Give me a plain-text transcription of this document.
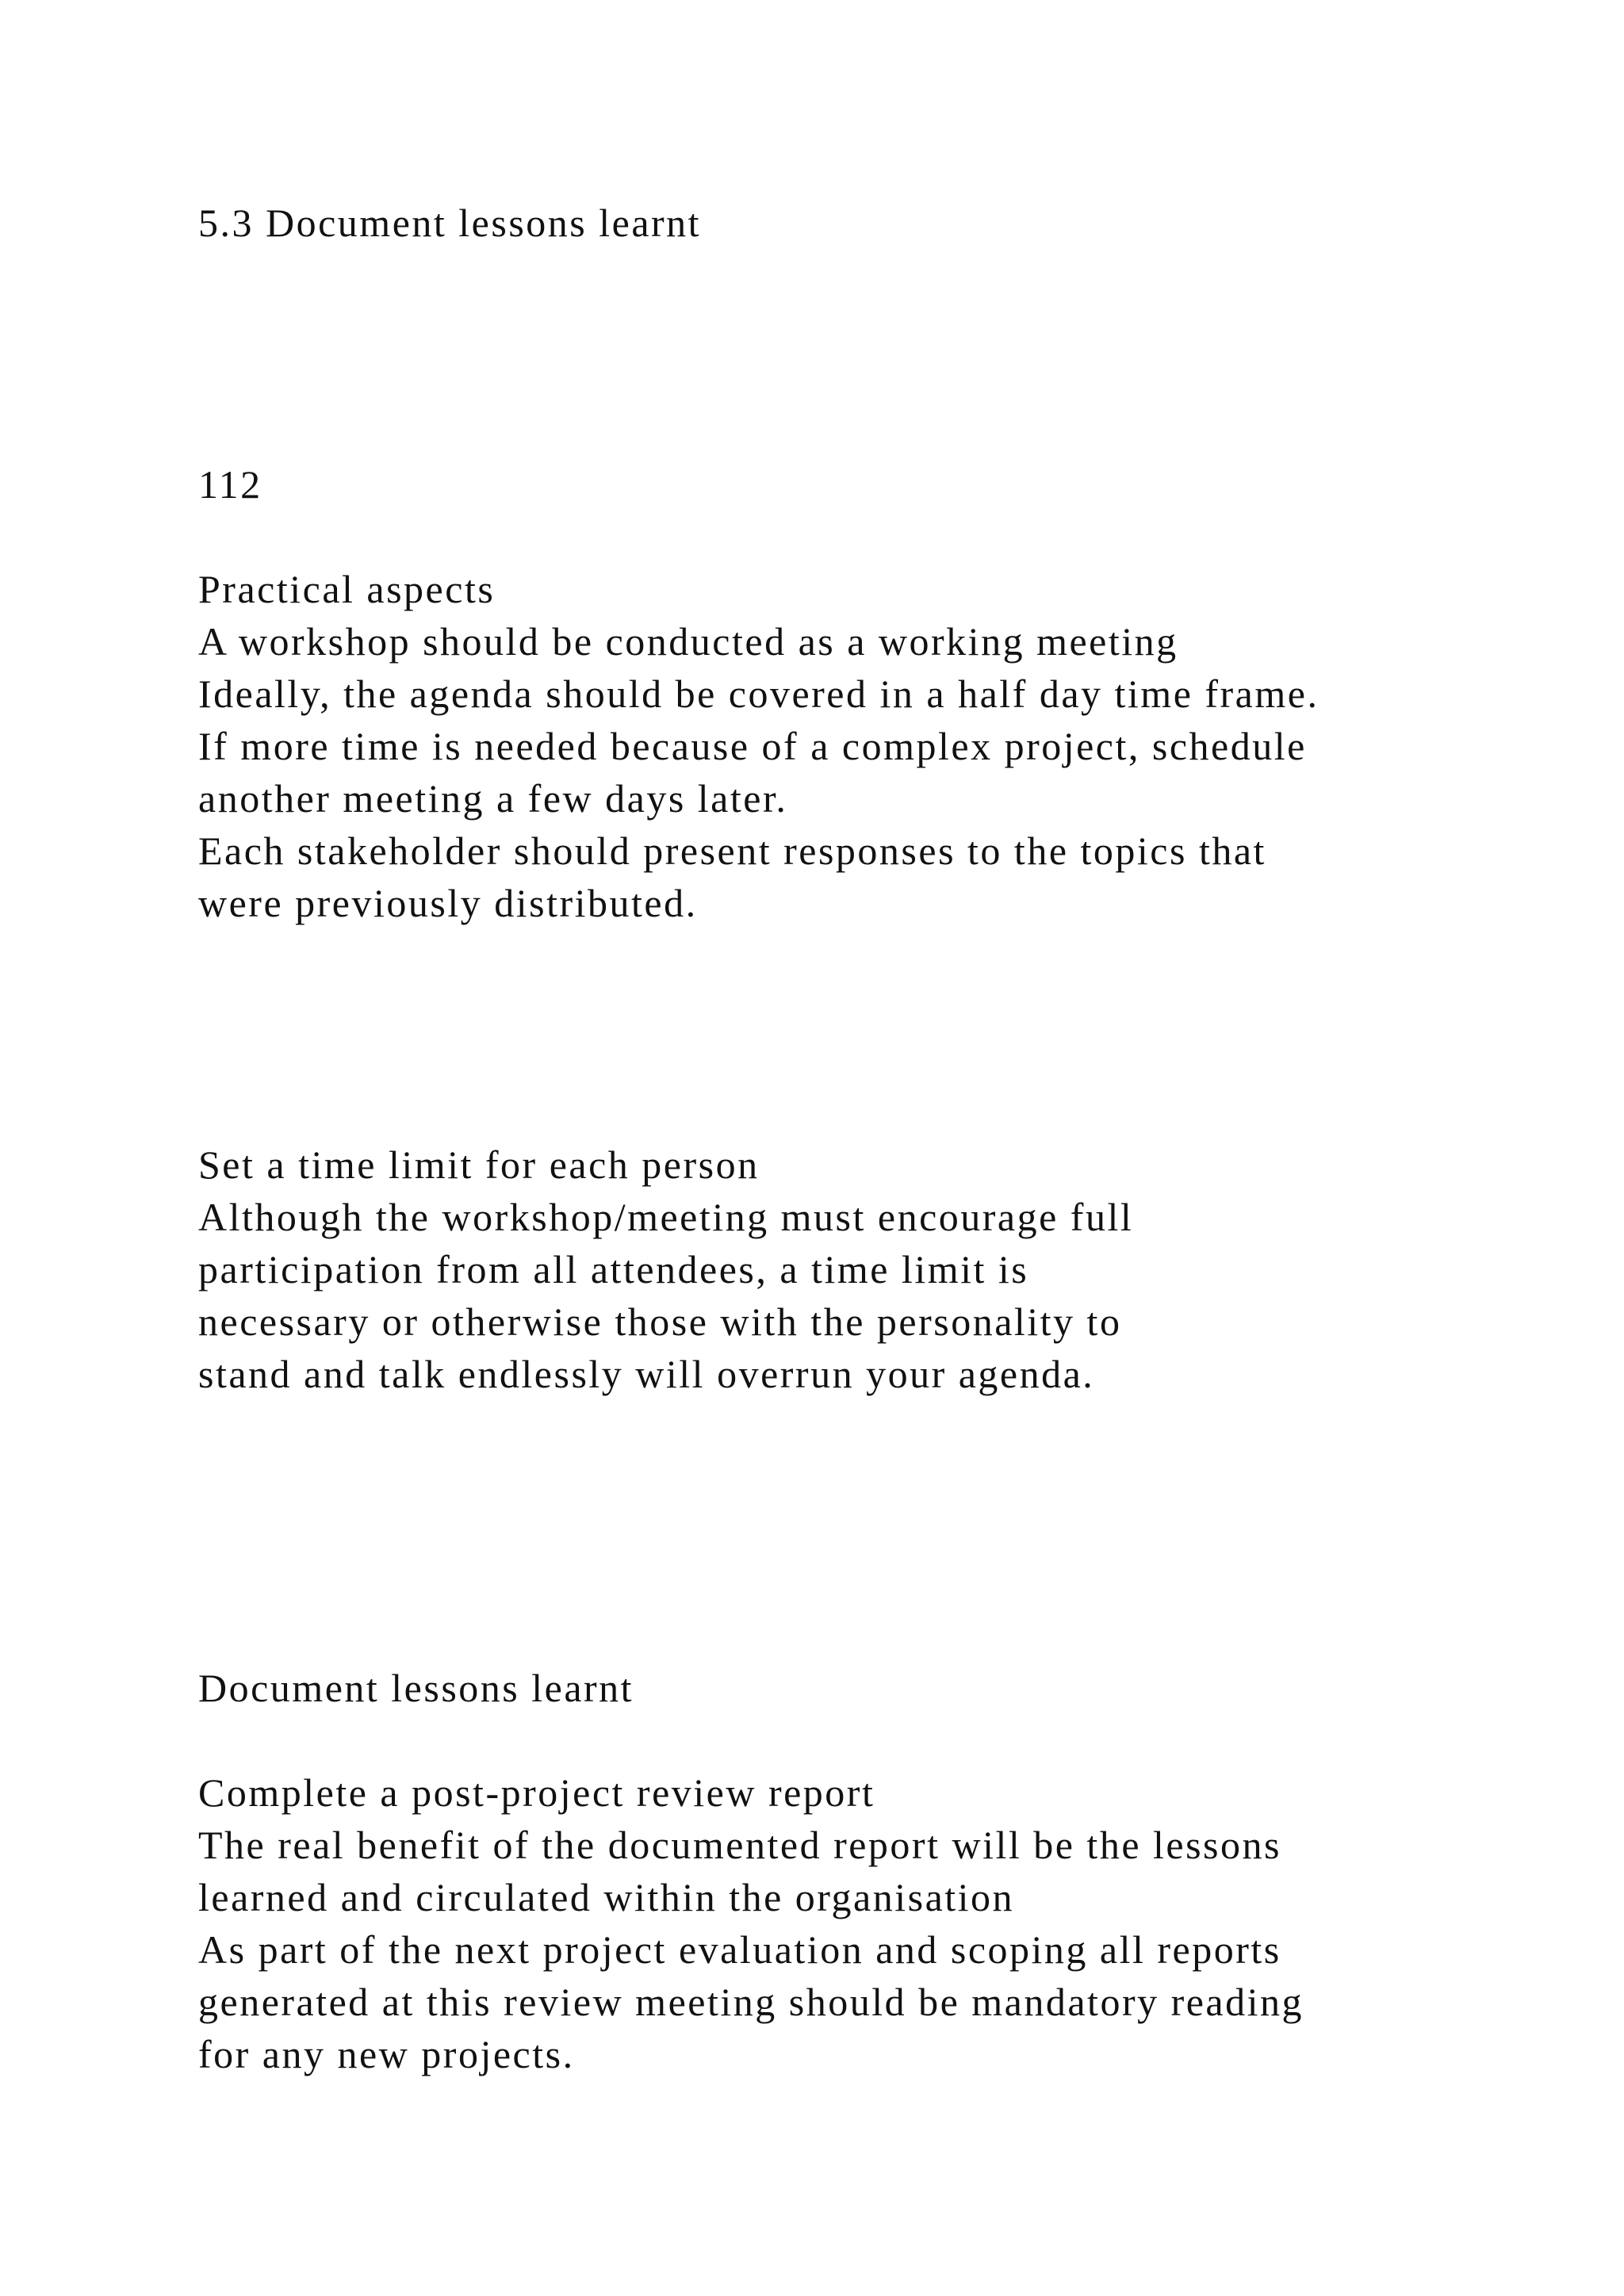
5.3 Document lessons learnt

112

Practical aspects

A workshop should be conducted as a working meeting

Ideally, the agenda should be covered in a half day time frame.

If more time is needed because of a complex project, schedule

another meeting a few days later.

Each stakeholder should present responses to the topics that

were previously distributed.

Set a time limit for each person

Although the workshop/meeting must encourage full

participation from all attendees, a time limit is

necessary or otherwise those with the personality to

stand and talk endlessly will overrun your agenda.

Document lessons learnt

Complete a post-project review report

The real benefit of the documented report will be the lessons

learned and circulated within the organisation

As part of the next project evaluation and scoping all reports

generated at this review meeting should be mandatory reading

for any new projects.
